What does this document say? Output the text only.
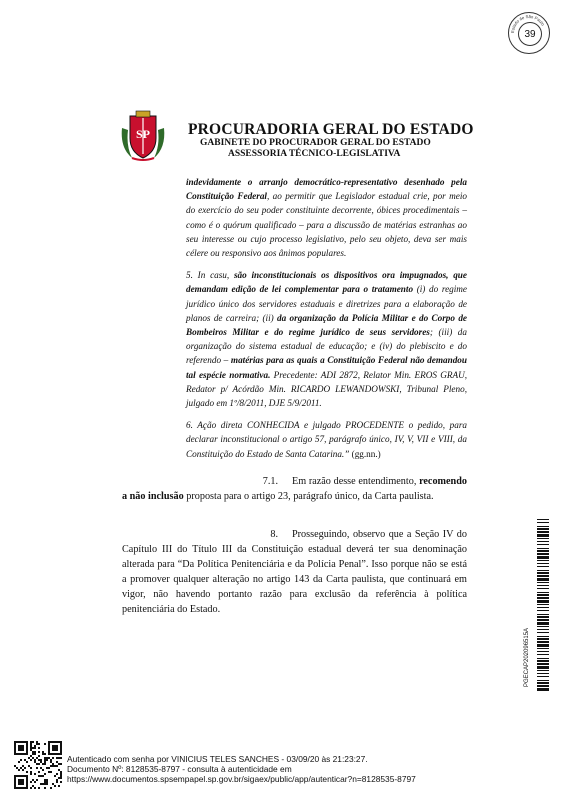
Estado de São Paulo
39
SP PROCURADORIA GERAL DO ESTADO
GABINETE DO PROCURADOR GERAL DO ESTADO
ASSESSORIA TÉCNICO-LEGISLATIVA

indevidamente o arranjo democrático-representativo desenhado pela Constituição Federal, ao permitir que Legislador estadual crie, por meio do exercício do seu poder constituinte decorrente, óbices procedimentais – como é o quórum qualificado – para a discussão de matérias estranhas ao seu interesse ou cujo processo legislativo, pelo seu objeto, deva ser mais célere ou responsivo aos ânimos populares.

5. In casu, são inconstitucionais os dispositivos ora impugnados, que demandam edição de lei complementar para o tratamento (i) do regime jurídico único dos servidores estaduais e diretrizes para a elaboração de planos de carreira; (ii) da organização da Polícia Militar e do Corpo de Bombeiros Militar e do regime jurídico de seus servidores; (iii) da organização do sistema estadual de educação; e (iv) do plebiscito e do referendo – matérias para as quais a Constituição Federal não demandou tal espécie normativa. Precedente: ADI 2872, Relator Min. EROS GRAU, Redator p/ Acórdão Min. RICARDO LEWANDOWSKI, Tribunal Pleno, julgado em 1º/8/2011, DJE 5/9/2011.

6. Ação direta CONHECIDA e julgado PROCEDENTE o pedido, para declarar inconstitucional o artigo 57, parágrafo único, IV, V, VII e VIII, da Constituição do Estado de Santa Catarina.” (gg.nn.)

7.1. Em razão desse entendimento, recomendo a não inclusão proposta para o artigo 23, parágrafo único, da Carta paulista.
8. Prosseguindo, observo que a Seção IV do Capítulo III do Título III da Constituição estadual deverá ter sua denominação alterada para “Da Política Penitenciária e da Polícia Penal”. Isso porque não se está a promover qualquer alteração no artigo 143 da Carta paulista, que continuará em vigor, não havendo portanto razão para exclusão da referência à política penitenciária do Estado.
PGECAP202096515A
Autenticado com senha por VINICIUS TELES SANCHES - 03/09/20 às 21:23:27.
Documento Nº: 8128535-8797 - consulta à autenticidade em
https://www.documentos.spsempapel.sp.gov.br/sigaex/public/app/autenticar?n=8128535-8797
